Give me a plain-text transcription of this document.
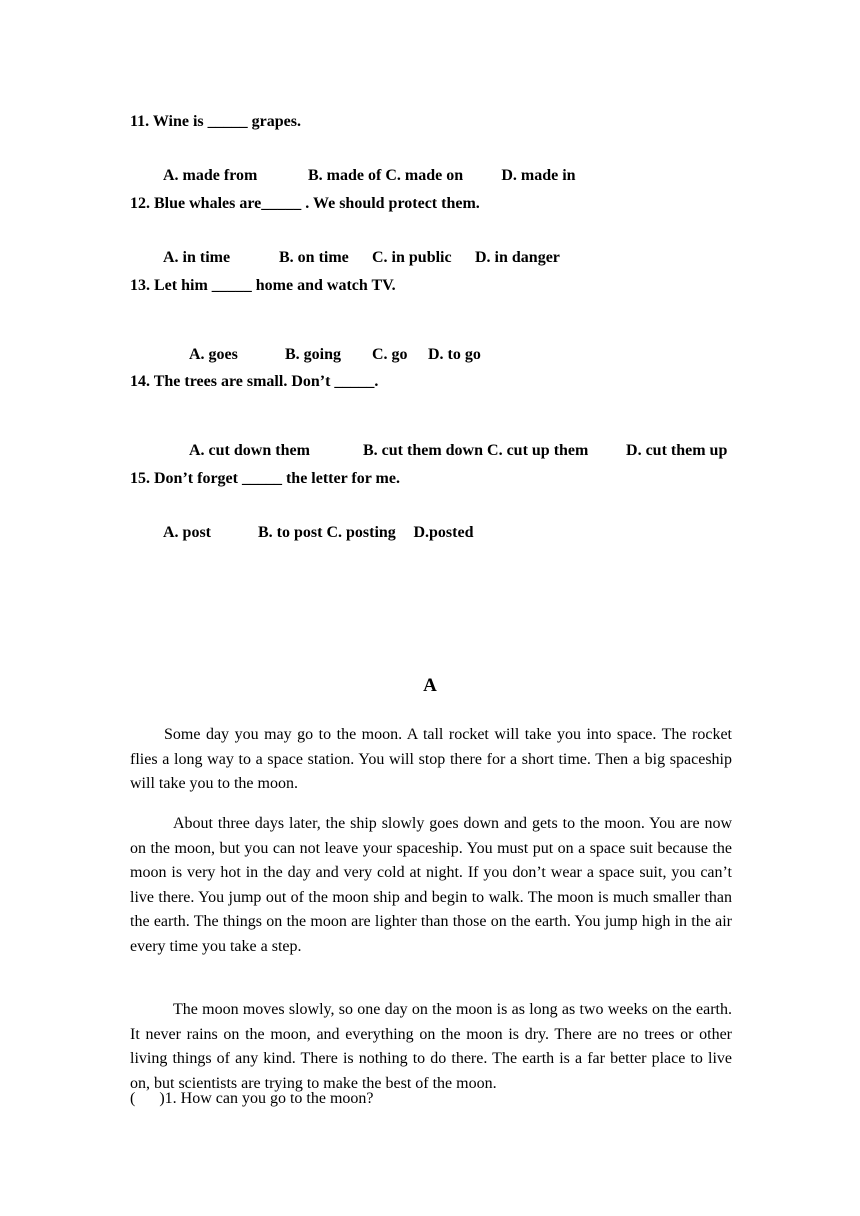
11. Wine is _____ grapes.

A. made from	B. made of C. made on D. made in

12. Blue whales are_____ . We should protect them.

A. in time	B. on time C. in public D. in danger

13. Let him _____ home and watch TV.

A. goes	B. going C. go D. to go

14. The trees are small. Don’t _____.

A. cut down them	B. cut them down C. cut up them D. cut them up

15. Don’t forget _____ the letter for me.

A. post	B. to post C. posting D.posted

A
Some day you may go to the moon. A tall rocket will take you into space. The rocket flies a long way to a space station. You will stop there for a short time. Then a big spaceship will take you to the moon.
About three days later, the ship slowly goes down and gets to the moon. You are now on the moon, but you can not leave your spaceship. You must put on a space suit because the moon is very hot in the day and very cold at night. If you don’t wear a space suit, you can’t live there. You jump out of the moon ship and begin to walk. The moon is much smaller than the earth. The things on the moon are lighter than those on the earth. You jump high in the air every time you take a step.
The moon moves slowly, so one day on the moon is as long as two weeks on the earth. It never rains on the moon, and everything on the moon is dry. There are no trees or other living things of any kind. There is nothing to do there. The earth is a far better place to live on, but scientists are trying to make the best of the moon.
(      )1. How can you go to the moon?
